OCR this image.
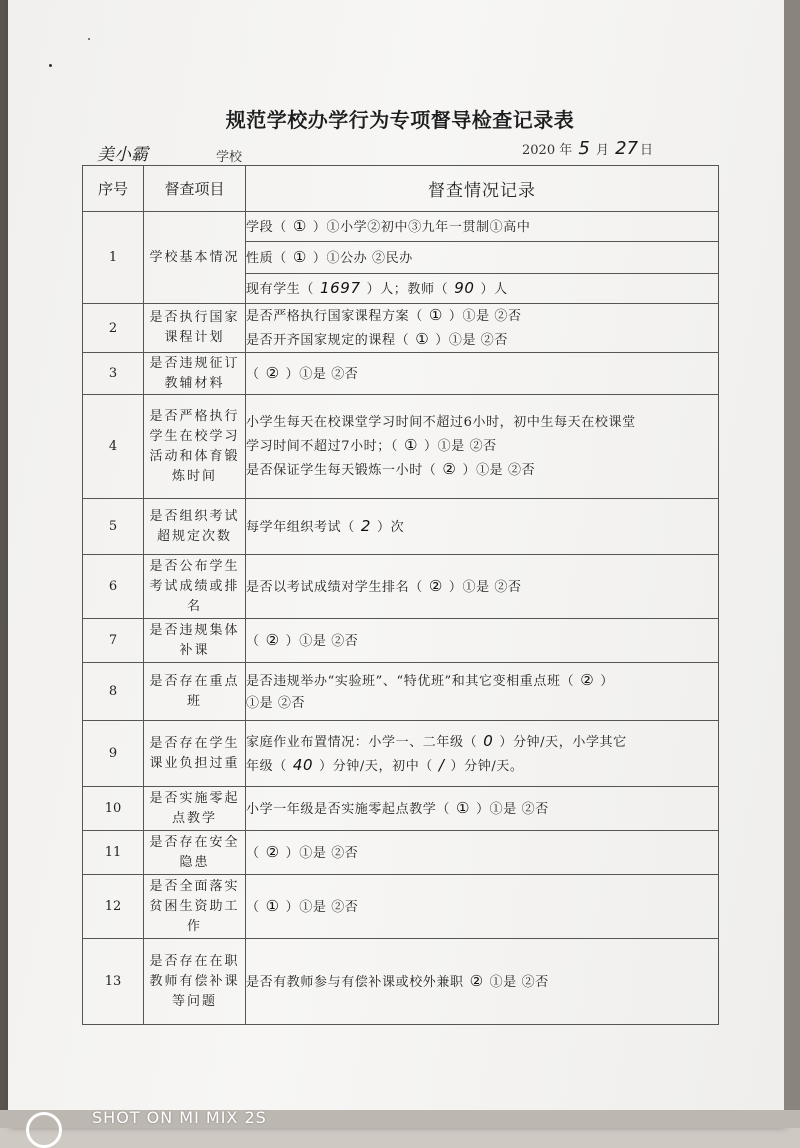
规范学校办学行为专项督导检查记录表
美小霸	学校	2020 年 5 月 27 日
序号	督查项目	督查情况记录
1	学校基本情况	学段（ ① ）①小学②初中③九年一贯制①高中

		性质（ ① ）①公办 ②民办

		现有学生（ 1697 ）人；教师（ 90 ）人

2	是否执行国家课程计划	是否严格执行国家课程方案（ ① ）①是 ②否
是否开齐国家规定的课程（ ① ）①是 ②否

3	是否违规征订教辅材料	（ ② ）①是 ②否

4	是否严格执行学生在校学习活动和体育锻炼时间	小学生每天在校课堂学习时间不超过6小时，初中生每天在校课堂
学习时间不超过7小时；（ ① ）①是 ②否
是否保证学生每天锻炼一小时（ ② ）①是 ②否

5	是否组织考试超规定次数	每学年组织考试（ 2 ）次

6	是否公布学生考试成绩或排名	是否以考试成绩对学生排名（ ② ）①是 ②否

7	是否违规集体补课	（ ② ）①是 ②否

8	是否存在重点班	是否违规举办“实验班”、“特优班”和其它变相重点班（ ② ）
①是 ②否

9	是否存在学生课业负担过重	家庭作业布置情况：小学一、二年级（ 0 ）分钟/天，小学其它
年级（ 40 ）分钟/天，初中（ / ）分钟/天。

10	是否实施零起点教学	小学一年级是否实施零起点教学（ ① ）①是 ②否

11	是否存在安全隐患	（ ② ）①是 ②否

12	是否全面落实贫困生资助工作	（ ① ）①是 ②否

13	是否存在在职教师有偿补课等问题	是否有教师参与有偿补课或校外兼职 ② ①是 ②否
SHOT ON MI MIX 2S
